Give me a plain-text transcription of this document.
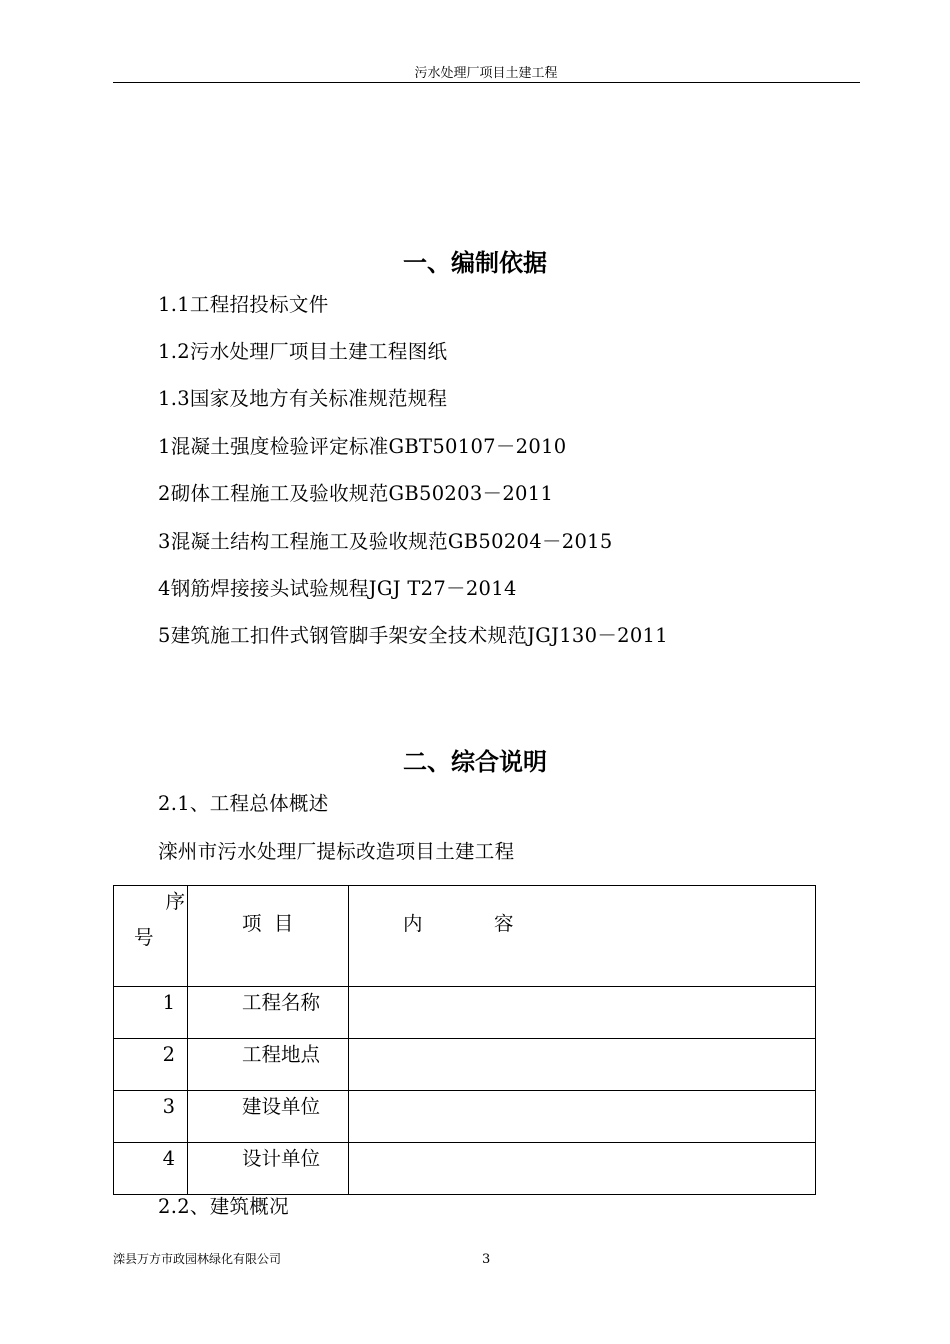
污水处理厂项目土建工程
一、编制依据
1.1工程招投标文件
1.2污水处理厂项目土建工程图纸
1.3国家及地方有关标准规范规程
1混凝土强度检验评定标准GBT50107－2010
2砌体工程施工及验收规范GB50203－2011
3混凝土结构工程施工及验收规范GB50204－2015
4钢筋焊接接头试验规程JGJ T27－2014
5建筑施工扣件式钢管脚手架安全技术规范JGJ130－2011
二、综合说明
2.1、工程总体概述
滦州市污水处理厂提标改造项目土建工程
序
号	项  目	内 容

1	工程名称	

2	工程地点	

3	建设单位	

4	设计单位	

2.2、建筑概况
滦县万方市政园林绿化有限公司	3
